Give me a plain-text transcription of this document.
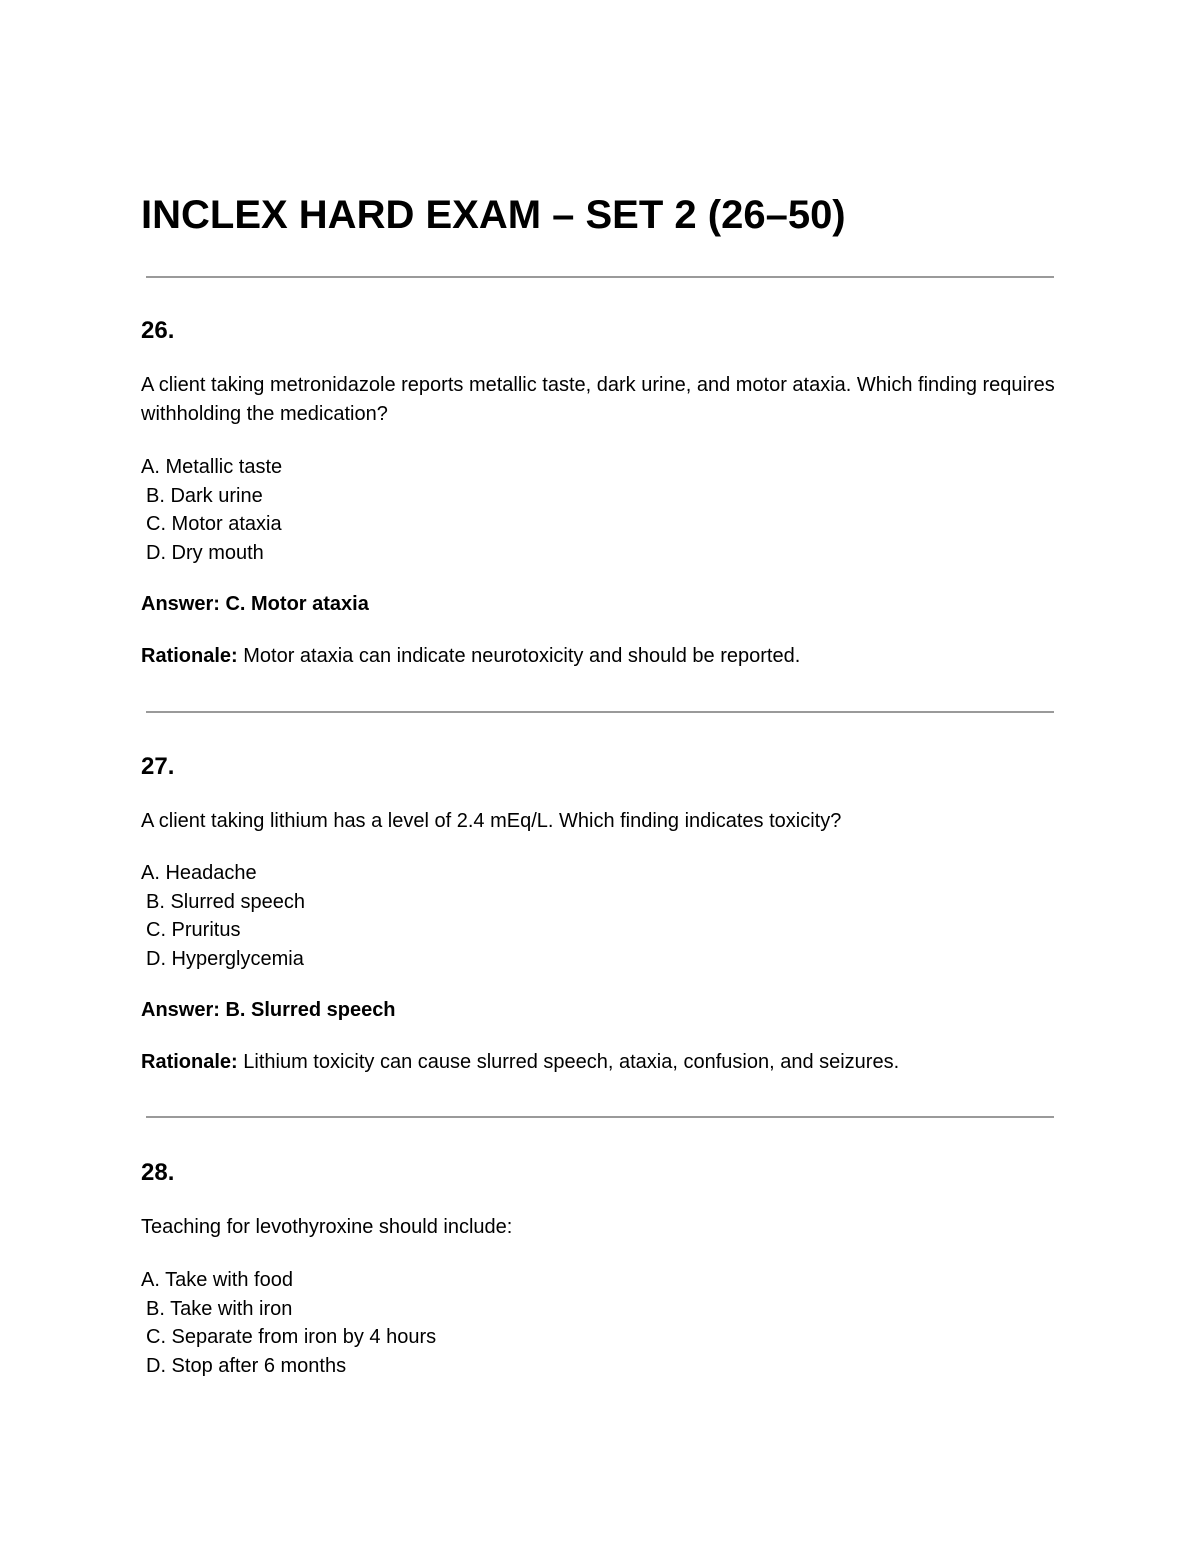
INCLEX HARD EXAM – SET 2 (26–50)

26.

A client taking metronidazole reports metallic taste, dark urine, and motor ataxia. Which finding requires withholding the medication?

A. Metallic taste
B. Dark urine
C. Motor ataxia
D. Dry mouth

Answer: C. Motor ataxia

Rationale: Motor ataxia can indicate neurotoxicity and should be reported.

27.

A client taking lithium has a level of 2.4 mEq/L. Which finding indicates toxicity?

A. Headache
B. Slurred speech
C. Pruritus
D. Hyperglycemia

Answer: B. Slurred speech

Rationale: Lithium toxicity can cause slurred speech, ataxia, confusion, and seizures.

28.

Teaching for levothyroxine should include:

A. Take with food
B. Take with iron
C. Separate from iron by 4 hours
D. Stop after 6 months
